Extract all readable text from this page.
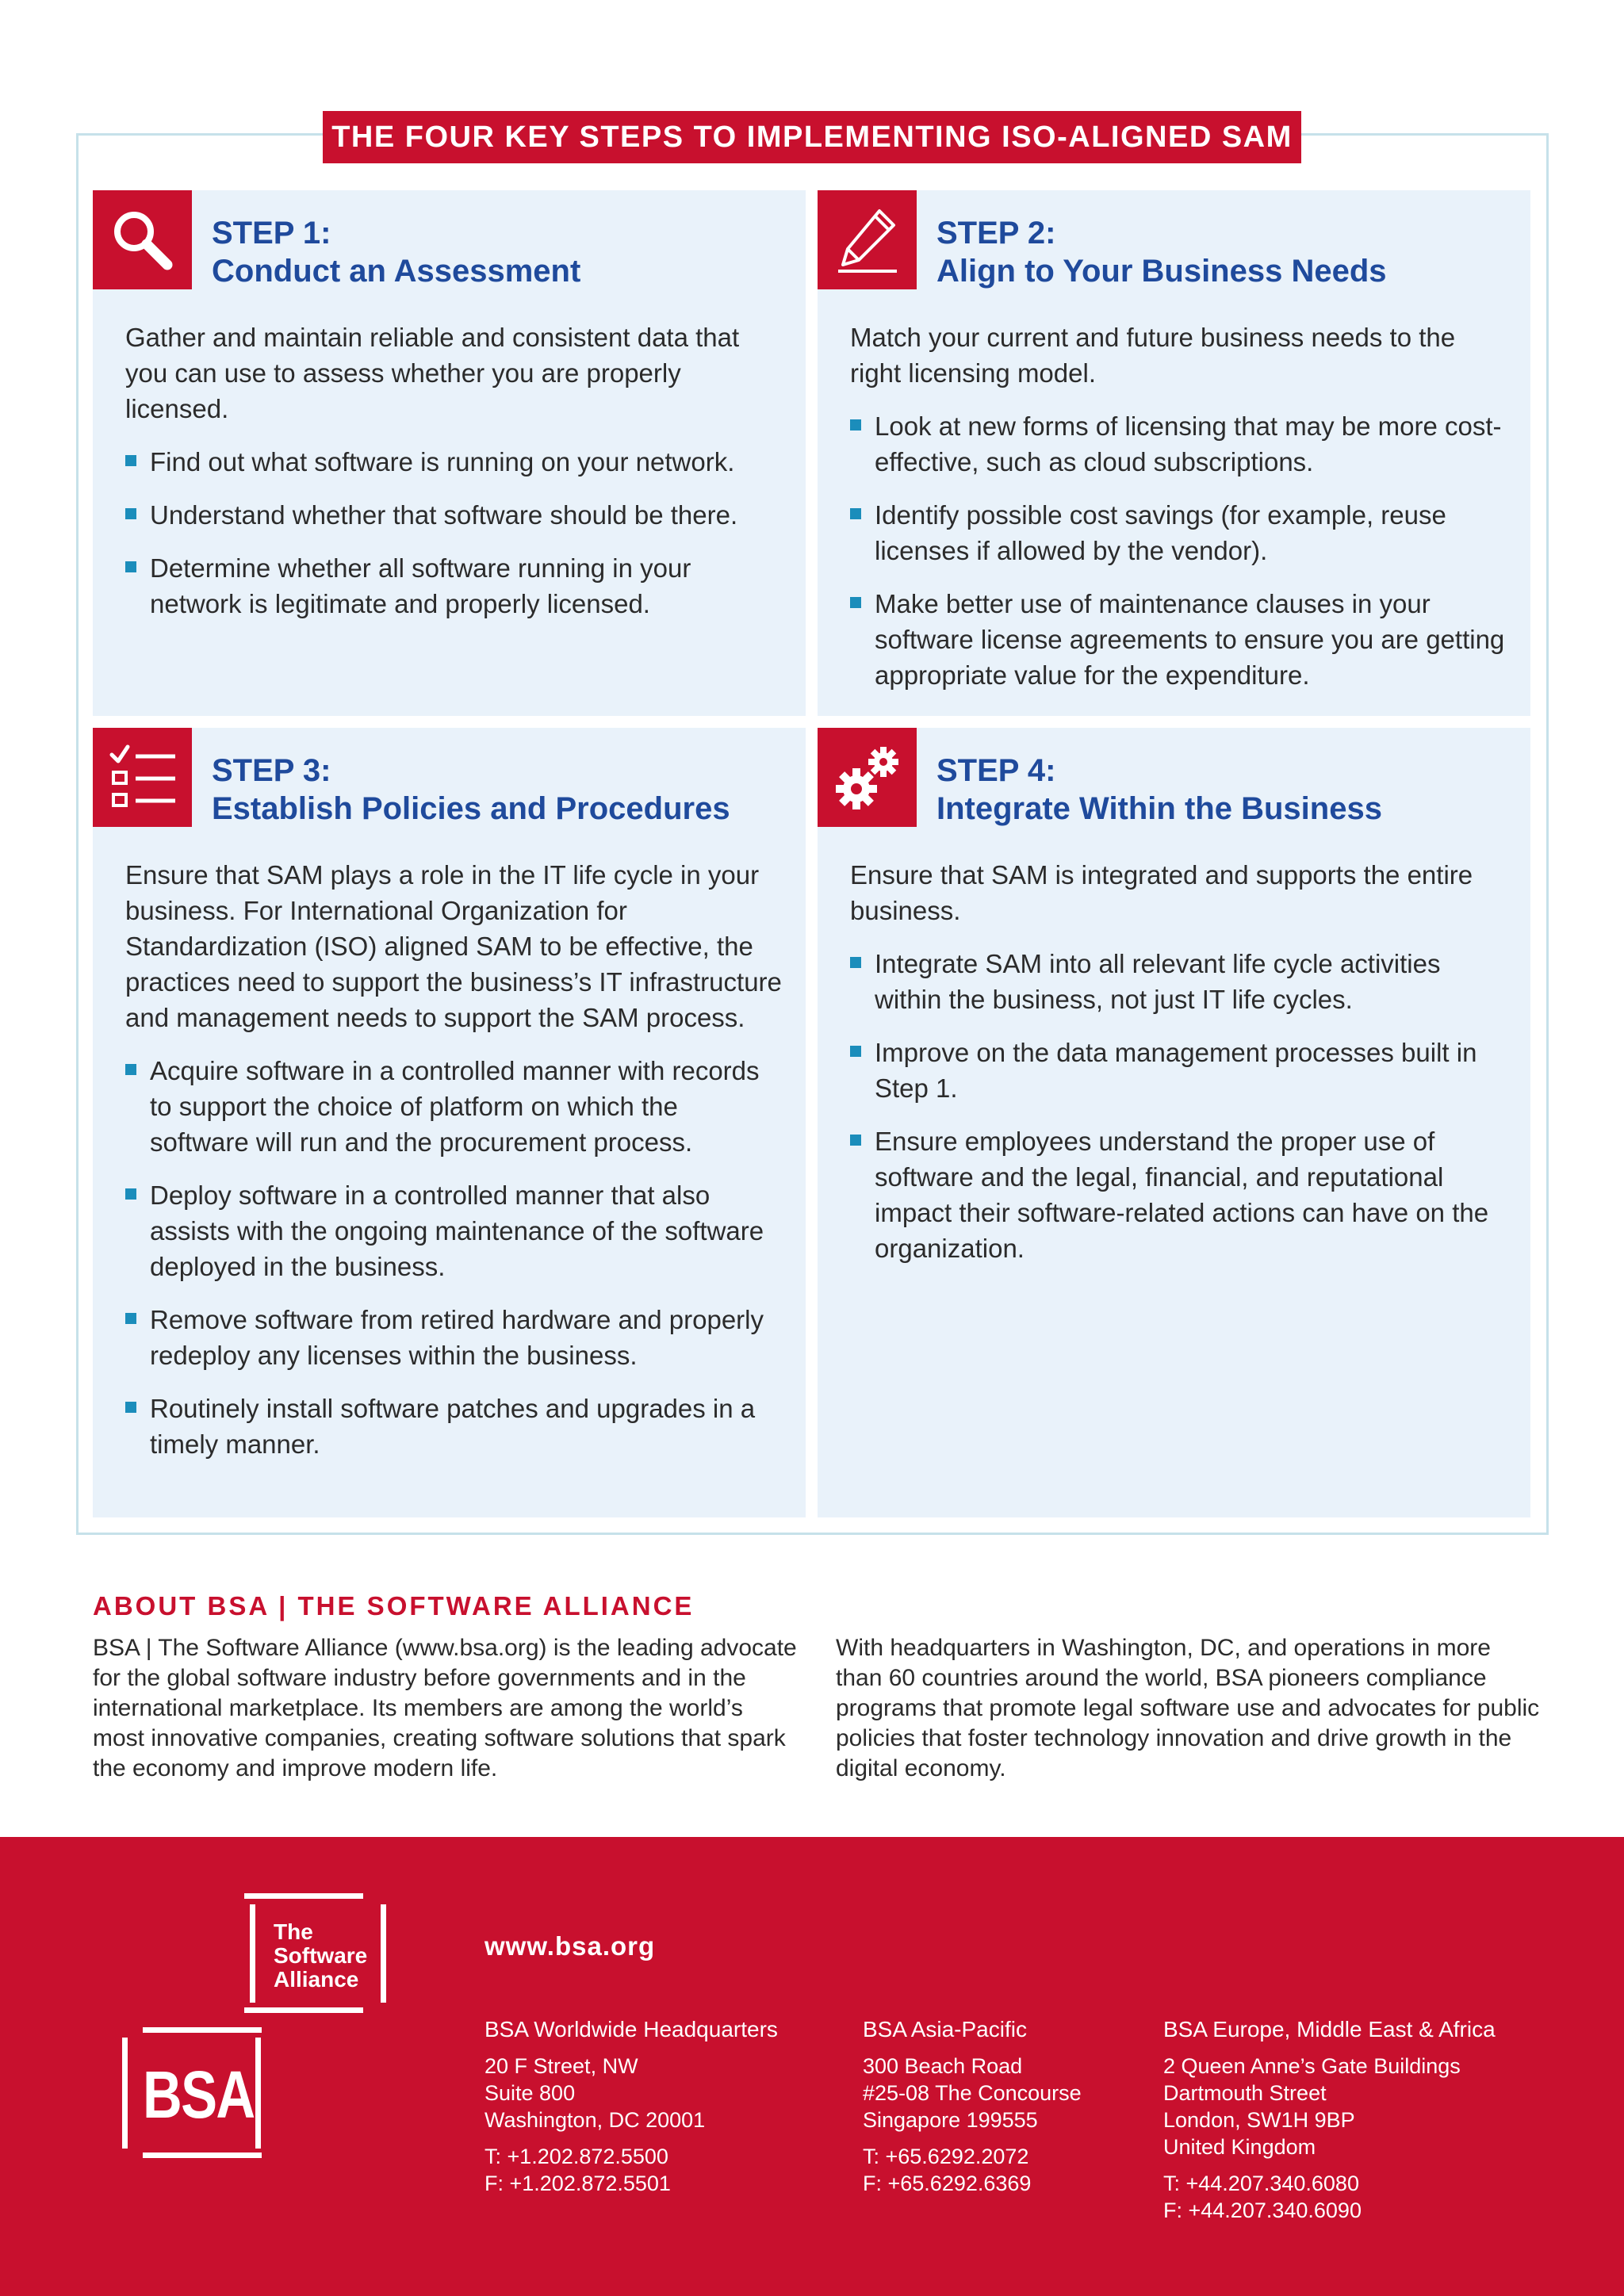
THE FOUR KEY STEPS TO IMPLEMENTING ISO-ALIGNED SAM
STEP 1:
Conduct an Assessment

Gather and maintain reliable and consistent data that you can use to assess whether you are properly licensed.

Find out what software is running on your network.
Understand whether that software should be there.
Determine whether all software running in your network is legitimate and properly licensed.
STEP 2:
Align to Your Business Needs

Match your current and future business needs to the right licensing model.

Look at new forms of licensing that may be more cost-effective, such as cloud subscriptions.
Identify possible cost savings (for example, reuse licenses if allowed by the vendor).
Make better use of maintenance clauses in your software license agreements to ensure you are getting appropriate value for the expenditure.
STEP 3:
Establish Policies and Procedures

Ensure that SAM plays a role in the IT life cycle in your business. For International Organization for Standardization (ISO) aligned SAM to be effective, the practices need to support the business’s IT infrastructure and management needs to support the SAM process.

Acquire software in a controlled manner with records to support the choice of platform on which the software will run and the procurement process.
Deploy software in a controlled manner that also assists with the ongoing maintenance of the software deployed in the business.
Remove software from retired hardware and properly redeploy any licenses within the business.
Routinely install software patches and upgrades in a timely manner.
STEP 4:
Integrate Within the Business

Ensure that SAM is integrated and supports the entire business.

Integrate SAM into all relevant life cycle activities within the business, not just IT life cycles.
Improve on the data management processes built in Step 1.
Ensure employees understand the proper use of software and the legal, financial, and reputational impact their software-related actions can have on the organization.
ABOUT BSA | THE SOFTWARE ALLIANCE
BSA | The Software Alliance (www.bsa.org) is the leading advocate for the global software industry before governments and in the international marketplace. Its members are among the world’s most innovative companies, creating software solutions that spark the economy and improve modern life.
With headquarters in Washington, DC, and operations in more than 60 countries around the world, BSA pioneers compliance programs that promote legal software use and advocates for public policies that foster technology innovation and drive growth in the digital economy.
The
Software
Alliance
BSA
www.bsa.org
BSA Worldwide Headquarters
20 F Street, NW
Suite 800
Washington, DC 20001
T: +1.202.872.5500
F: +1.202.872.5501
BSA Asia-Pacific
300 Beach Road
#25-08 The Concourse
Singapore 199555
T: +65.6292.2072
F: +65.6292.6369
BSA Europe, Middle East & Africa
2 Queen Anne’s Gate Buildings
Dartmouth Street
London, SW1H 9BP
United Kingdom
T: +44.207.340.6080
F: +44.207.340.6090
